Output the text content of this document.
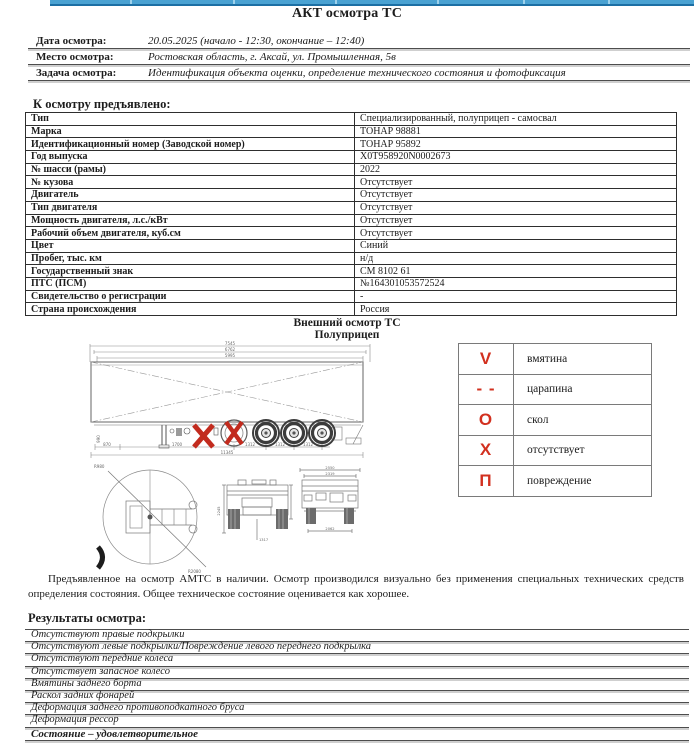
АКТ осмотра ТС
Дата осмотра:	20.05.2025 (начало - 12:30, окончание – 12:40)
Место осмотра:	Ростовская область, г. Аксай, ул. Промышленная, 5в
Задача осмотра:	Идентификация объекта оценки, определение технического состояния и фотофиксация
К осмотру предъявлено:
Тип	Специализированный, полуприцеп - самосвал
Марка	ТОНАР 98881
Идентификационный номер (Заводской номер)	ТОНАР 95892
Год выпуска	X0T958920N0002673
№ шасси (рамы)	2022
№ кузова	Отсутствует
Двигатель	Отсутствует
Тип двигателя	Отсутствует
Мощность двигателя, л.с./кВт	Отсутствует
Рабочий объем двигателя, куб.см	Отсутствует
Цвет	Синий
Пробег, тыс. км	н/д
Государственный знак	СМ 8102 61
ПТС (ПСМ)	№164301053572524
Свидетельство о регистрации	-
Страна происхождения	Россия
Внешний осмотр ТС
Полуприцеп
7545
6762
5995
870	1700	1312	1312	1312
11345
990
R980
R2080
2245
1317
2550
2319
2062
V	вмятина
- -	царапина
O	скол
X	отсутствует
П	повреждение
Предъявленное на осмотр АМТС в наличии. Осмотр производился визуально без применения специальных технических средств определения состояния. Общее техническое состояние оценивается как хорошее.
Результаты осмотра:
Отсутствуют правые подкрылки
Отсутствуют левые подкрылки/Повреждение левого переднего подкрылка
Отсутствуют передние колеса
Отсутствует запасное колесо
Вмятины заднего борта
Раскол задних фонарей
Деформация заднего противоподкатного бруса
Деформация рессор
Состояние – удовлетворительное
